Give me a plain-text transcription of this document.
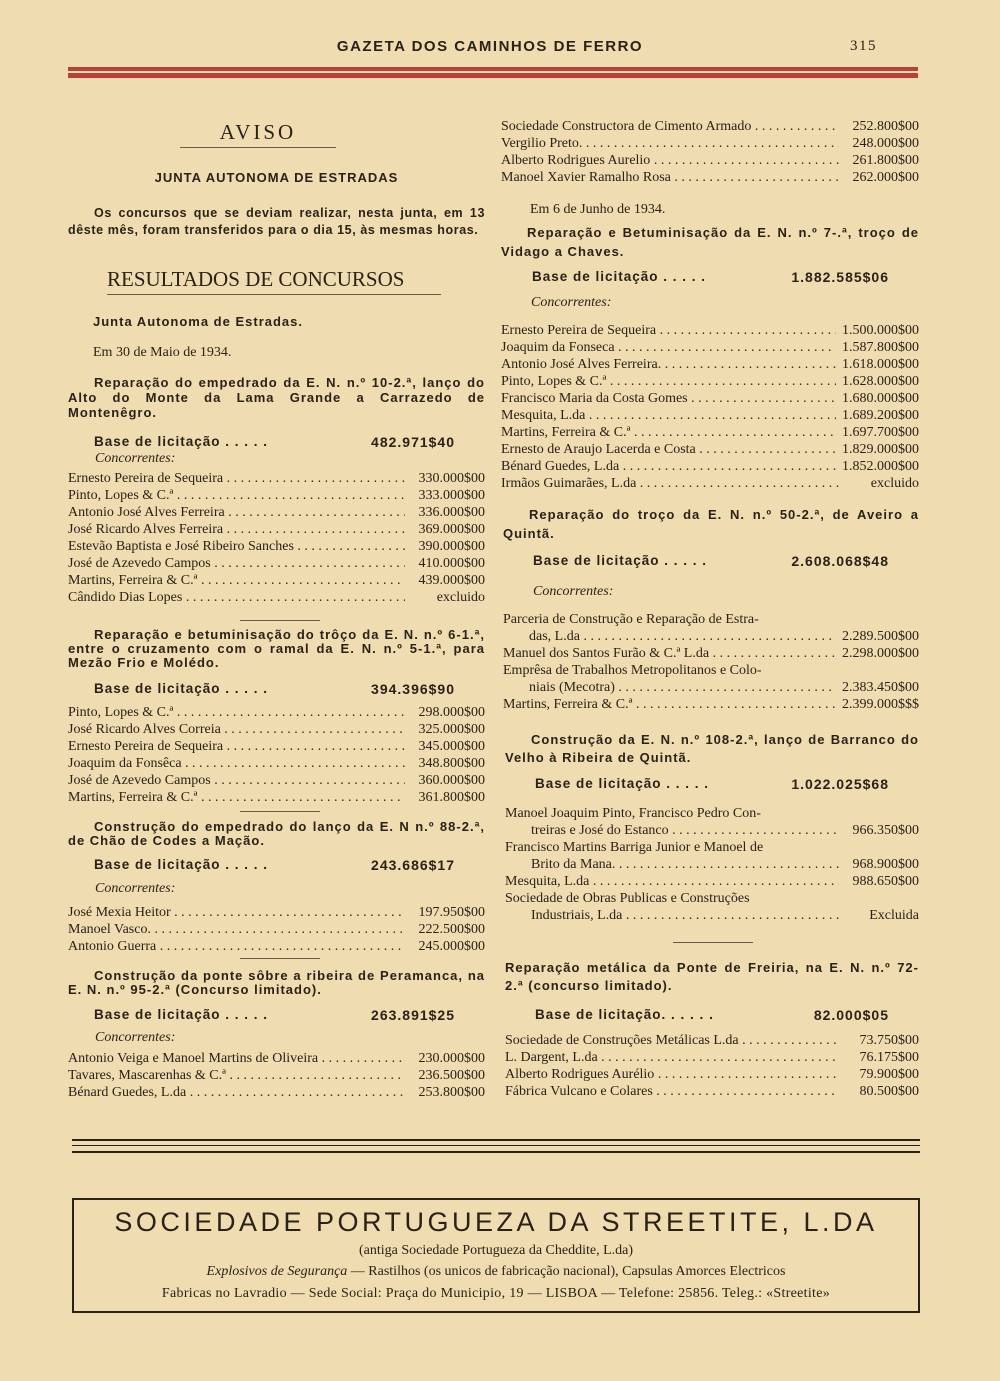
GAZETA DOS CAMINHOS DE FERRO	315
AVISO
JUNTA AUTONOMA DE ESTRADAS
Os concursos que se deviam realizar, nesta junta, em 13 dêste mês, foram transferidos para o dia 15, às mesmas horas.
RESULTADOS DE CONCURSOS
Junta Autonoma de Estradas.
Em 30 de Maio de 1934.
Reparação do empedrado da E. N. n.º 10-2.ª, lanço do Alto do Monte da Lama Grande a Carrazedo de Montenêgro.
Base de licitação . . . . .	482.971$40
Concorrentes:
Ernesto Pereira de Sequeira . . .	330.000$00
Pinto, Lopes & C.ª . . .	333.000$00
Antonio José Alves Ferreira . . .	336.000$00
José Ricardo Alves Ferreira . . .	369.000$00
Estevão Baptista e José Ribeiro Sanches . . .	390.000$00
José de Azevedo Campos . . .	410.000$00
Martins, Ferreira & C.ª . . .	439.000$00
Cândido Dias Lopes . . .	excluido
Reparação e betuminisação do trôço da E. N. n.º 6-1.ª, entre o cruzamento com o ramal da E. N. n.º 5-1.ª, para Mezão Frio e Molédo.
Base de licitação . . . . .	394.396$90
Pinto, Lopes & C.ª . . .	298.000$00
José Ricardo Alves Correia . . .	325.000$00
Ernesto Pereira de Sequeira . . .	345.000$00
Joaquim da Fonsêca . . .	348.800$00
José de Azevedo Campos . . .	360.000$00
Martins, Ferreira & C.ª . . .	361.800$00
Construção do empedrado do lanço da E. N n.º 88-2.ª, de Chão de Codes a Mação.
Base de licitação . . . . .	243.686$17
Concorrentes:
José Mexia Heitor . . .	197.950$00
Manoel Vasco. . . .	222.500$00
Antonio Guerra . . .	245.000$00
Construção da ponte sôbre a ribeira de Peramanca, na E. N. n.º 95-2.ª (Concurso limitado).
Base de licitação . . . . .	263.891$25
Concorrentes:
Antonio Veiga e Manoel Martins de Oliveira . . .	230.000$00
Tavares, Mascarenhas & C.ª . . .	236.500$00
Bénard Guedes, L.da . . .	253.800$00
Sociedade Constructora de Cimento Armado . . .	252.800$00
Vergilio Preto. . . .	248.000$00
Alberto Rodrigues Aurelio . . .	261.800$00
Manoel Xavier Ramalho Rosa . . .	262.000$00
Em 6 de Junho de 1934.
Reparação e Betuminisação da E. N. n.º 7-.ª, troço de Vidago a Chaves.
Base de licitação . . . . .	1.882.585$06
Concorrentes:
Ernesto Pereira de Sequeira . . .	1.500.000$00
Joaquim da Fonseca . . .	1.587.800$00
Antonio José Alves Ferreira. . . .	1.618.000$00
Pinto, Lopes & C.ª . . .	1.628.000$00
Francisco Maria da Costa Gomes . . .	1.680.000$00
Mesquita, L.da . . .	1.689.200$00
Martins, Ferreira & C.ª . . .	1.697.700$00
Ernesto de Araujo Lacerda e Costa . . .	1.829.000$00
Bénard Guedes, L.da . . .	1.852.000$00
Irmãos Guimarães, L.da . . .	excluido
Reparação do troço da E. N. n.º 50-2.ª, de Aveiro a Quintã.
Base de licitação . . . . .	2.608.068$48
Concorrentes:
Parceria de Construção e Reparação de Estra-
das, L.da . . .	2.289.500$00
Manuel dos Santos Furão & C.ª L.da . . .	2.298.000$00
Emprêsa de Trabalhos Metropolitanos e Colo-
niais (Mecotra) . . .	2.383.450$00
Martins, Ferreira & C.ª . . .	2.399.000$$$
Construção da E. N. n.º 108-2.ª, lanço de Barranco do Velho à Ribeira de Quintã.
Base de licitação . . . . .	1.022.025$68
Manoel Joaquim Pinto, Francisco Pedro Con-
treiras e José do Estanco . . .	966.350$00
Francisco Martins Barriga Junior e Manoel de
Brito da Mana. . . .	968.900$00
Mesquita, L.da . . .	988.650$00
Sociedade de Obras Publicas e Construções
Industriais, L.da . . .	Excluida
Reparação metálica da Ponte de Freiria, na E. N. n.º 72-2.ª (concurso limitado).
Base de licitação. . . . . .	82.000$05
Sociedade de Construções Metálicas L.da . . .	73.750$00
L. Dargent, L.da . . .	76.175$00
Alberto Rodrigues Aurélio . . .	79.900$00
Fábrica Vulcano e Colares . . .	80.500$00
SOCIEDADE PORTUGUEZA DA STREETITE, L.DA
(antiga Sociedade Portugueza da Cheddite, L.da)
Explosivos de Segurança — Rastilhos (os unicos de fabricação nacional), Capsulas Amorces Electricos
Fabricas no Lavradio — Sede Social: Praça do Municipio, 19 — LISBOA — Telefone: 25856. Teleg.: «Streetite»
